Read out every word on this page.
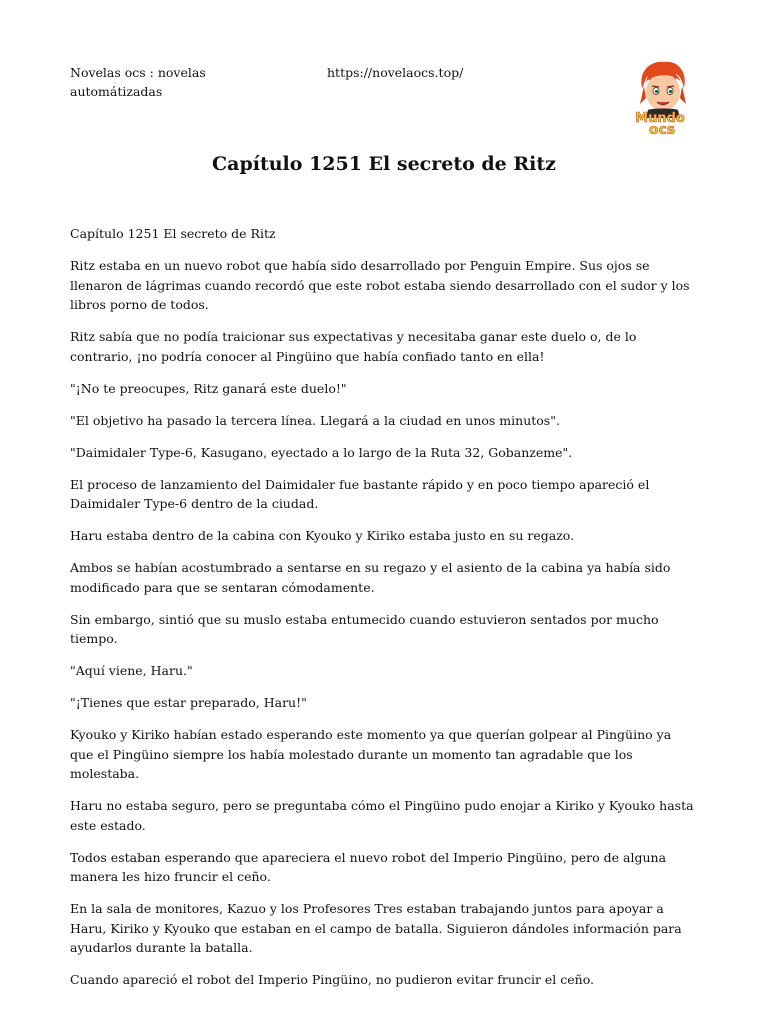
Novelas ocs : novelas automátizadas
https://novelaocs.top/
Mundo
ocs
Capítulo 1251 El secreto de Ritz

Capítulo 1251 El secreto de Ritz

Ritz estaba en un nuevo robot que había sido desarrollado por Penguin Empire. Sus ojos se llenaron de lágrimas cuando recordó que este robot estaba siendo desarrollado con el sudor y los libros porno de todos.

Ritz sabía que no podía traicionar sus expectativas y necesitaba ganar este duelo o, de lo contrario, ¡no podría conocer al Pingüino que había confiado tanto en ella!

"¡No te preocupes, Ritz ganará este duelo!"

"El objetivo ha pasado la tercera línea. Llegará a la ciudad en unos minutos".

"Daimidaler Type-6, Kasugano, eyectado a lo largo de la Ruta 32, Gobanzeme".

El proceso de lanzamiento del Daimidaler fue bastante rápido y en poco tiempo apareció el Daimidaler Type-6 dentro de la ciudad.

Haru estaba dentro de la cabina con Kyouko y Kiriko estaba justo en su regazo.

Ambos se habían acostumbrado a sentarse en su regazo y el asiento de la cabina ya había sido modificado para que se sentaran cómodamente.

Sin embargo, sintió que su muslo estaba entumecido cuando estuvieron sentados por mucho tiempo.

"Aquí viene, Haru."

"¡Tienes que estar preparado, Haru!"

Kyouko y Kiriko habían estado esperando este momento ya que querían golpear al Pingüino ya que el Pingüino siempre los había molestado durante un momento tan agradable que los molestaba.

Haru no estaba seguro, pero se preguntaba cómo el Pingüino pudo enojar a Kiriko y Kyouko hasta este estado.

Todos estaban esperando que apareciera el nuevo robot del Imperio Pingüino, pero de alguna manera les hizo fruncir el ceño.

En la sala de monitores, Kazuo y los Profesores Tres estaban trabajando juntos para apoyar a Haru, Kiriko y Kyouko que estaban en el campo de batalla. Siguieron dándoles información para ayudarlos durante la batalla.

Cuando apareció el robot del Imperio Pingüino, no pudieron evitar fruncir el ceño.
